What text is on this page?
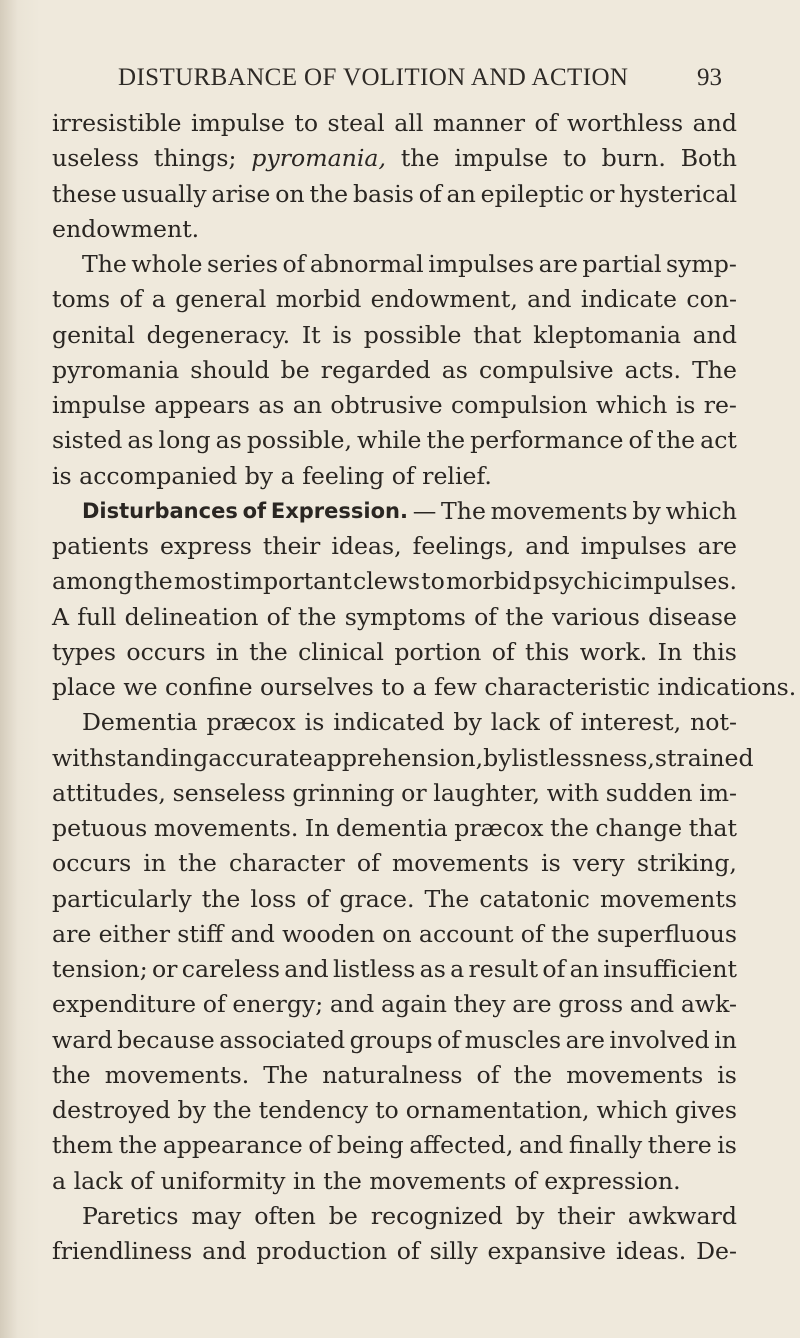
DISTURBANCE OF VOLITION AND ACTION	93
irresistible impulse to steal all manner of worthless and
useless things; pyromania, the impulse to burn. Both
these usually arise on the basis of an epileptic or hysterical
endowment.
The whole series of abnormal impulses are partial symp-
toms of a general morbid endowment, and indicate con-
genital degeneracy. It is possible that kleptomania and
pyromania should be regarded as compulsive acts. The
impulse appears as an obtrusive compulsion which is re-
sisted as long as possible, while the performance of the act
is accompanied by a feeling of relief.
Disturbances of Expression. — The movements by which
patients express their ideas, feelings, and impulses are
among the most important clews to morbid psychic impulses.
A full delineation of the symptoms of the various disease
types occurs in the clinical portion of this work. In this
place we confine ourselves to a few characteristic indications.
Dementia præcox is indicated by lack of interest, not-
withstanding accurate apprehension, by listlessness, strained
attitudes, senseless grinning or laughter, with sudden im-
petuous movements. In dementia præcox the change that
occurs in the character of movements is very striking,
particularly the loss of grace. The catatonic movements
are either stiff and wooden on account of the superfluous
tension; or careless and listless as a result of an insufficient
expenditure of energy; and again they are gross and awk-
ward because associated groups of muscles are involved in
the movements. The naturalness of the movements is
destroyed by the tendency to ornamentation, which gives
them the appearance of being affected, and finally there is
a lack of uniformity in the movements of expression.
Paretics may often be recognized by their awkward
friendliness and production of silly expansive ideas. De-
